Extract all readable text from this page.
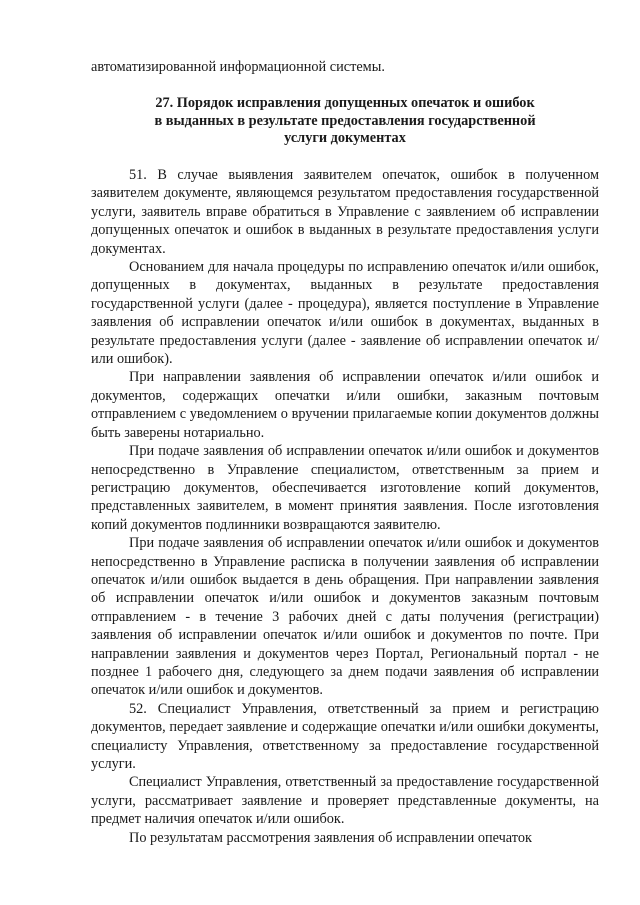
автоматизированной информационной системы.

27. Порядок исправления допущенных опечаток и ошибок
в выданных в результате предоставления государственной
услуги документах

51. В случае выявления заявителем опечаток, ошибок в полученном заявителем документе, являющемся результатом предоставления государственной услуги, заявитель вправе обратиться в Управление с заявлением об исправлении допущенных опечаток и ошибок в выданных в результате предоставления услуги документах.

Основанием для начала процедуры по исправлению опечаток и/или ошибок, допущенных в документах, выданных в результате предоставления государственной услуги (далее - процедура), является поступление в Управление заявления об исправлении опечаток и/или ошибок в документах, выданных в результате предоставления услуги (далее - заявление об исправлении опечаток и/или ошибок).

При направлении заявления об исправлении опечаток и/или ошибок и документов, содержащих опечатки и/или ошибки, заказным почтовым отправлением с уведомлением о вручении прилагаемые копии документов должны быть заверены нотариально.

При подаче заявления об исправлении опечаток и/или ошибок и документов непосредственно в Управление специалистом, ответственным за прием и регистрацию документов, обеспечивается изготовление копий документов, представленных заявителем, в момент принятия заявления. После изготовления копий документов подлинники возвращаются заявителю.

При подаче заявления об исправлении опечаток и/или ошибок и документов непосредственно в Управление расписка в получении заявления об исправлении опечаток и/или ошибок выдается в день обращения. При направлении заявления об исправлении опечаток и/или ошибок и документов заказным почтовым отправлением - в течение 3 рабочих дней с даты получения (регистрации) заявления об исправлении опечаток и/или ошибок и документов по почте. При направлении заявления и документов через Портал, Региональный портал - не позднее 1 рабочего дня, следующего за днем подачи заявления об исправлении опечаток и/или ошибок и документов.

52. Специалист Управления, ответственный за прием и регистрацию документов, передает заявление и содержащие опечатки и/или ошибки документы, специалисту Управления, ответственному за предоставление государственной услуги.

Специалист Управления, ответственный за предоставление государственной услуги, рассматривает заявление и проверяет представленные документы, на предмет наличия опечаток и/или ошибок.

По результатам рассмотрения заявления об исправлении опечаток
